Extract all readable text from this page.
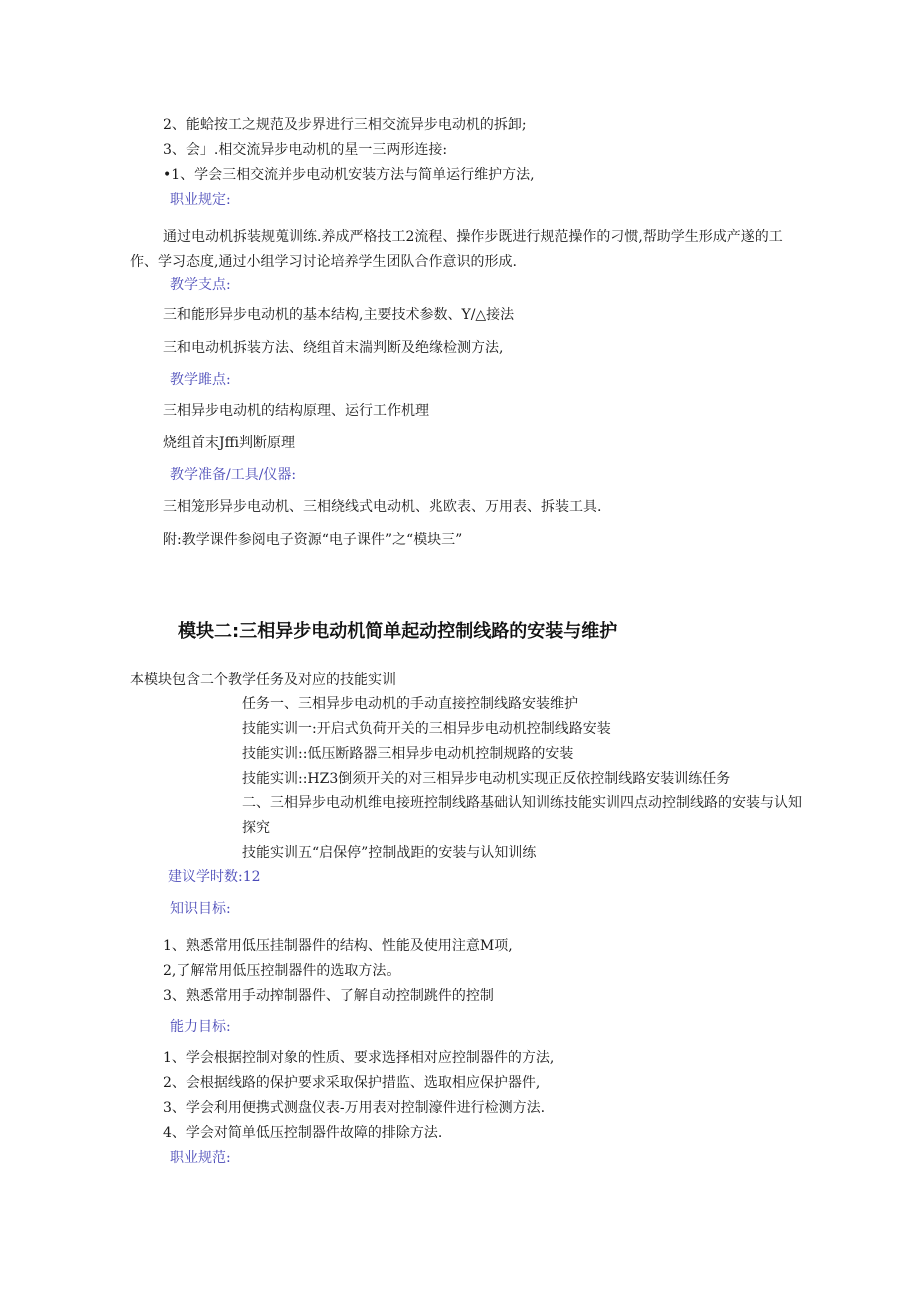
2、能蛤按工之规范及步界进行三相交流异步电动机的拆卸;
3、会」.相交流异步电动机的星一三两形连接:
•1、学会三相交流并步电动机安装方法与简单运行维护方法,
职业规定:
通过电动机拆装规蒐训练.养成严格技工2流程、操作步既进行规范操作的刁惯,帮助学生形成产遂的工作、学习态度,通过小组学习讨论培养学生团队合作意识的形成.
教学支点:
三和能形异步电动机的基本结构,主要技术参数、Y/△接法
三和电动机拆装方法、绕组首末湍判断及绝缘检测方法,
教学雎点:
三相异步电动机的结构原理、运行工作机理
烧组首末Jffi判断原理
教学准备/工具/仪器:
三相笼形异步电动机、三相绕线式电动机、兆欧表、万用表、拆装工具.
附:教学课件参阅电子资源“电子课件”之“模块三”
模块二:三相异步电动机简单起动控制线路的安装与维护
本模块包含二个教学任务及对应的技能实训
任务一、三相异步电动机的手动直接控制线路安装维护
技能实训一:开启式负荷开关的三相异步电动机控制线路安装
技能实训::低压断路器三相异步电动机控制规路的安装
技能实训::HZ3倒须开关的对三相异步电动机实现正反依控制线路安装训练任务
二、三相异步电动机维电接班控制线路基础认知训练技能实训四点动控制线路的安装与认知探究
技能实训五“启保停”控制战距的安装与认知训练
建议学时数:12
知识目标:
1、熟悉常用低压挂制器件的结构、性能及使用注意M项,
2,了解常用低压控制器件的选取方法。
3、熟悉常用手动搾制器件、了解自动控制跳件的控制
能力目标:
1、学会根据控制对象的性质、要求选择相对应控制器件的方法,
2、会根据线路的保护要求采取保护措监、选取相应保护器件,
3、学会利用便携式测盘仪表-万用表对控制濠件进行检测方法.
4、学会对简单低压控制器件故障的排除方法.
职业规范:
